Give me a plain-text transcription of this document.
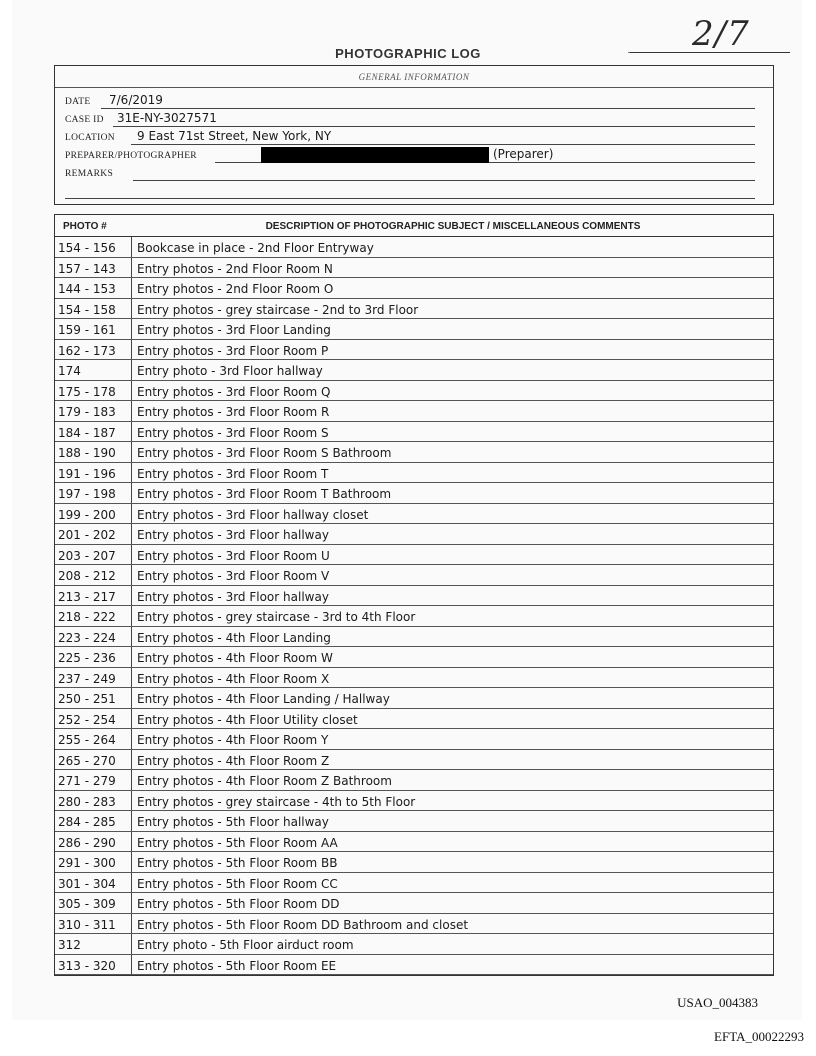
2/7
PHOTOGRAPHIC LOG
GENERAL INFORMATION
DATE 7/6/2019
CASE ID 31E-NY-3027571
LOCATION 9 East 71st Street, New York, NY
PREPARER/PHOTOGRAPHER	(Preparer)
REMARKS
PHOTO #	DESCRIPTION OF PHOTOGRAPHIC SUBJECT / MISCELLANEOUS COMMENTS
154 - 156	Bookcase in place - 2nd Floor Entryway
157 - 143	Entry photos - 2nd Floor Room N
144 - 153	Entry photos - 2nd Floor Room O
154 - 158	Entry photos - grey staircase - 2nd to 3rd Floor
159 - 161	Entry photos - 3rd Floor Landing
162 - 173	Entry photos - 3rd Floor Room P
174	Entry photo - 3rd Floor hallway
175 - 178	Entry photos - 3rd Floor Room Q
179 - 183	Entry photos - 3rd Floor Room R
184 - 187	Entry photos - 3rd Floor Room S
188 - 190	Entry photos - 3rd Floor Room S Bathroom
191 - 196	Entry photos - 3rd Floor Room T
197 - 198	Entry photos - 3rd Floor Room T Bathroom
199 - 200	Entry photos - 3rd Floor hallway closet
201 - 202	Entry photos - 3rd Floor hallway
203 - 207	Entry photos - 3rd Floor Room U
208 - 212	Entry photos - 3rd Floor Room V
213 - 217	Entry photos - 3rd Floor hallway
218 - 222	Entry photos - grey staircase - 3rd to 4th Floor
223 - 224	Entry photos - 4th Floor Landing
225 - 236	Entry photos - 4th Floor Room W
237 - 249	Entry photos - 4th Floor Room X
250 - 251	Entry photos - 4th Floor Landing / Hallway
252 - 254	Entry photos - 4th Floor Utility closet
255 - 264	Entry photos - 4th Floor Room Y
265 - 270	Entry photos - 4th Floor Room Z
271 - 279	Entry photos - 4th Floor Room Z Bathroom
280 - 283	Entry photos - grey staircase - 4th to 5th Floor
284 - 285	Entry photos - 5th Floor hallway
286 - 290	Entry photos - 5th Floor Room AA
291 - 300	Entry photos - 5th Floor Room BB
301 - 304	Entry photos - 5th Floor Room CC
305 - 309	Entry photos - 5th Floor Room DD
310 - 311	Entry photos - 5th Floor Room DD Bathroom and closet
312	Entry photo - 5th Floor airduct room
313 - 320	Entry photos - 5th Floor Room EE
USAO_004383
EFTA_00022293
